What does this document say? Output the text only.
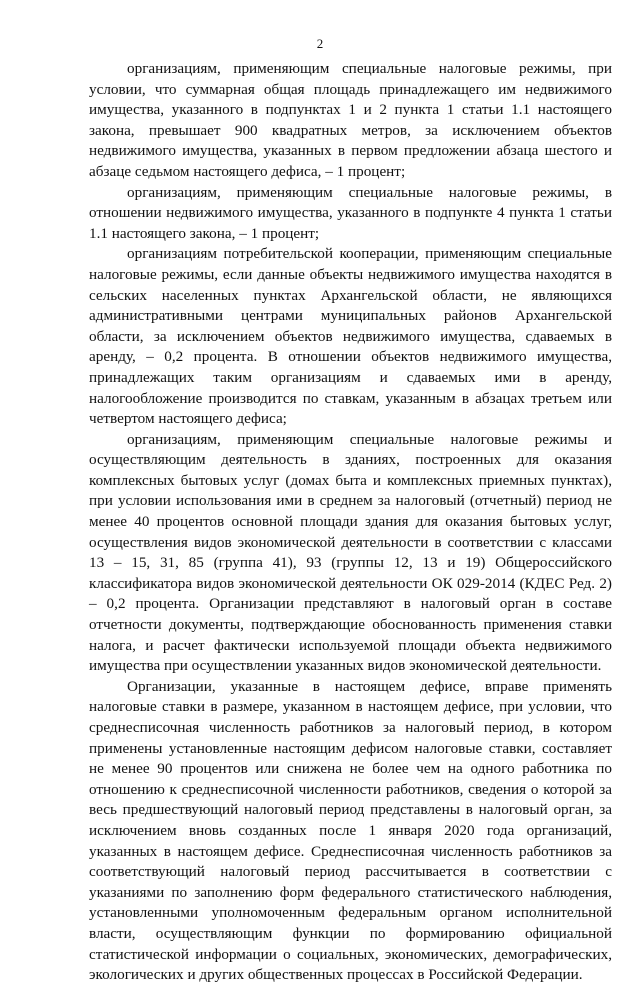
2

организациям, применяющим специальные налоговые режимы, при условии, что суммарная общая площадь принадлежащего им недвижимого имущества, указанного в подпунктах 1 и 2 пункта 1 статьи 1.1 настоящего закона, превышает 900 квадратных метров, за исключением объектов недвижимого имущества, указанных в первом предложении абзаца шестого и абзаце седьмом настоящего дефиса, – 1 процент;

организациям, применяющим специальные налоговые режимы, в отношении недвижимого имущества, указанного в подпункте 4 пункта 1 статьи 1.1 настоящего закона, – 1 процент;

организациям потребительской кооперации, применяющим специальные налоговые режимы, если данные объекты недвижимого имущества находятся в сельских населенных пунктах Архангельской области, не являющихся административными центрами муниципальных районов Архангельской области, за исключением объектов недвижимого имущества, сдаваемых в аренду, – 0,2 процента. В отношении объектов недвижимого имущества, принадлежащих таким организациям и сдаваемых ими в аренду, налогообложение производится по ставкам, указанным в абзацах третьем или четвертом настоящего дефиса;

организациям, применяющим специальные налоговые режимы и осуществляющим деятельность в зданиях, построенных для оказания комплексных бытовых услуг (домах быта и комплексных приемных пунктах), при условии использования ими в среднем за налоговый (отчетный) период не менее 40 процентов основной площади здания для оказания бытовых услуг, осуществления видов экономической деятельности в соответствии с классами 13 – 15, 31, 85 (группа 41), 93 (группы 12, 13 и 19) Общероссийского классификатора видов экономической деятельности ОК 029-2014 (КДЕС Ред. 2) – 0,2 процента. Организации представляют в налоговый орган в составе отчетности документы, подтверждающие обоснованность применения ставки налога, и расчет фактически используемой площади объекта недвижимого имущества при осуществлении указанных видов экономической деятельности.

Организации, указанные в настоящем дефисе, вправе применять налоговые ставки в размере, указанном в настоящем дефисе, при условии, что среднесписочная численность работников за налоговый период, в котором применены установленные настоящим дефисом налоговые ставки, составляет не менее 90 процентов или снижена не более чем на одного работника по отношению к среднесписочной численности работников, сведения о которой за весь предшествующий налоговый период представлены в налоговый орган, за исключением вновь созданных после 1 января 2020 года организаций, указанных в настоящем дефисе. Среднесписочная численность работников за соответствующий налоговый период рассчитывается в соответствии с указаниями по заполнению форм федерального статистического наблюдения, установленными уполномоченным федеральным органом исполнительной власти, осуществляющим функции по формированию официальной статистической информации о социальных, экономических, демографических, экологических и других общественных процессах в Российской Федерации.
